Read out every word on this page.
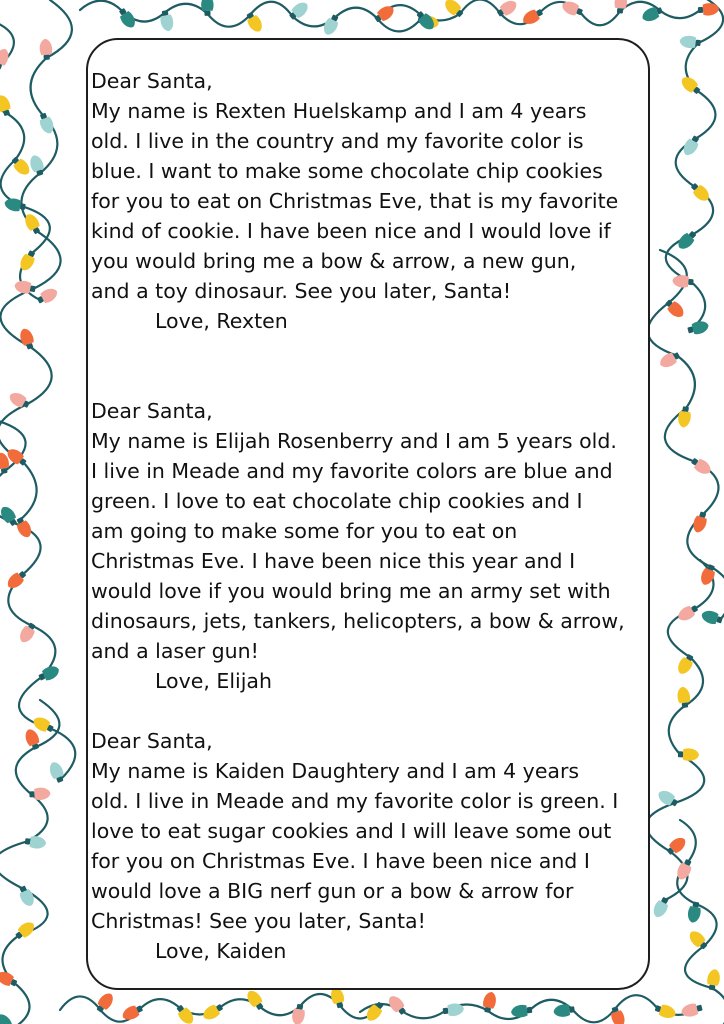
Dear Santa,

My name is Rexten Huelskamp and I am 4 years

old. I live in the country and my favorite color is

blue. I want to make some chocolate chip cookies

for you to eat on Christmas Eve, that is my favorite

kind of cookie. I have been nice and I would love if

you would bring me a bow & arrow, a new gun,

and a toy dinosaur. See you later, Santa!

Love, Rexten

Dear Santa,

My name is Elijah Rosenberry and I am 5 years old.

I live in Meade and my favorite colors are blue and

green. I love to eat chocolate chip cookies and I

am going to make some for you to eat on

Christmas Eve. I have been nice this year and I

would love if you would bring me an army set with

dinosaurs, jets, tankers, helicopters, a bow & arrow,

and a laser gun!

Love, Elijah

Dear Santa,

My name is Kaiden Daughtery and I am 4 years

old. I live in Meade and my favorite color is green. I

love to eat sugar cookies and I will leave some out

for you on Christmas Eve. I have been nice and I

would love a BIG nerf gun or a bow & arrow for

Christmas! See you later, Santa!

Love, Kaiden
